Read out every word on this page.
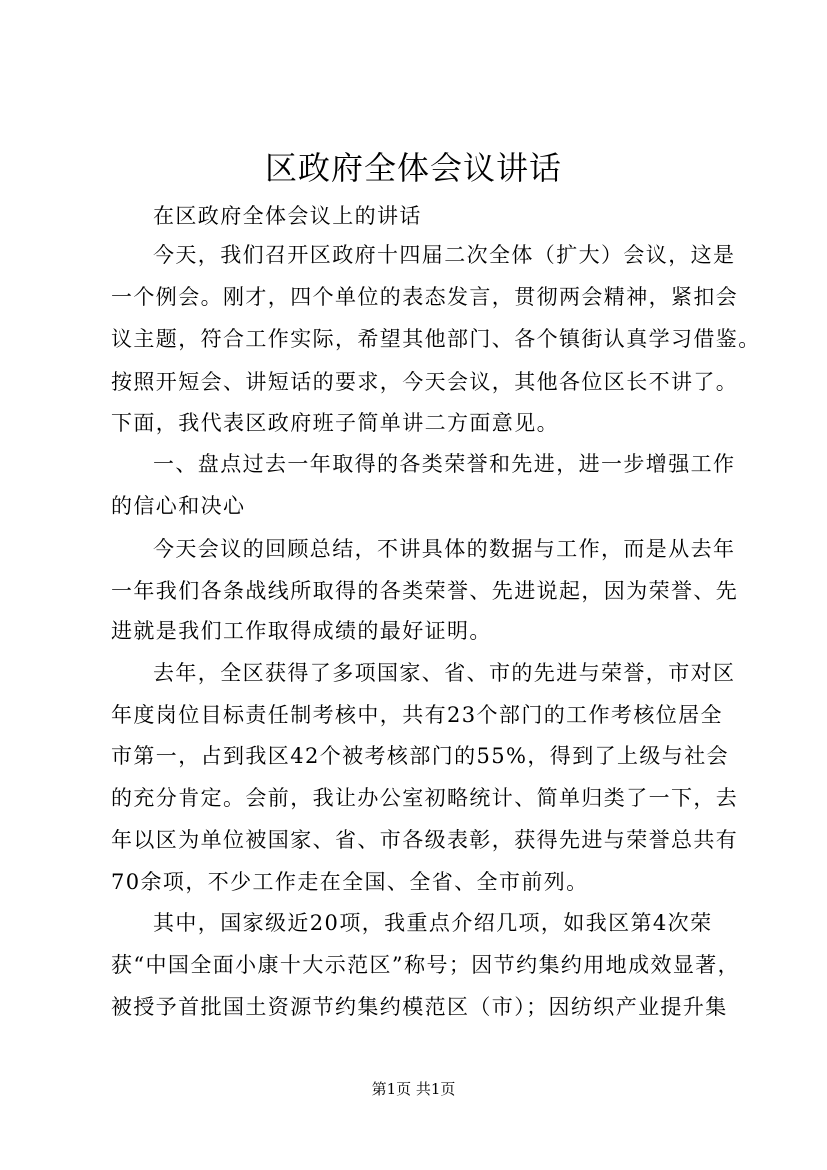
区政府全体会议讲话
在区政府全体会议上的讲话
今天，我们召开区政府十四届二次全体（扩大）会议，这是
一个例会。刚才，四个单位的表态发言，贯彻两会精神，紧扣会
议主题，符合工作实际，希望其他部门、各个镇街认真学习借鉴。
按照开短会、讲短话的要求，今天会议，其他各位区长不讲了。
下面，我代表区政府班子简单讲二方面意见。
一、盘点过去一年取得的各类荣誉和先进，进一步增强工作
的信心和决心
今天会议的回顾总结，不讲具体的数据与工作，而是从去年
一年我们各条战线所取得的各类荣誉、先进说起，因为荣誉、先
进就是我们工作取得成绩的最好证明。
去年，全区获得了多项国家、省、市的先进与荣誉，市对区
年度岗位目标责任制考核中，共有23个部门的工作考核位居全
市第一，占到我区42个被考核部门的55%，得到了上级与社会
的充分肯定。会前，我让办公室初略统计、简单归类了一下，去
年以区为单位被国家、省、市各级表彰，获得先进与荣誉总共有
70余项，不少工作走在全国、全省、全市前列。
其中，国家级近20项，我重点介绍几项，如我区第4次荣
获“中国全面小康十大示范区”称号；因节约集约用地成效显著，
被授予首批国土资源节约集约模范区（市）；因纺织产业提升集
第1页 共1页
